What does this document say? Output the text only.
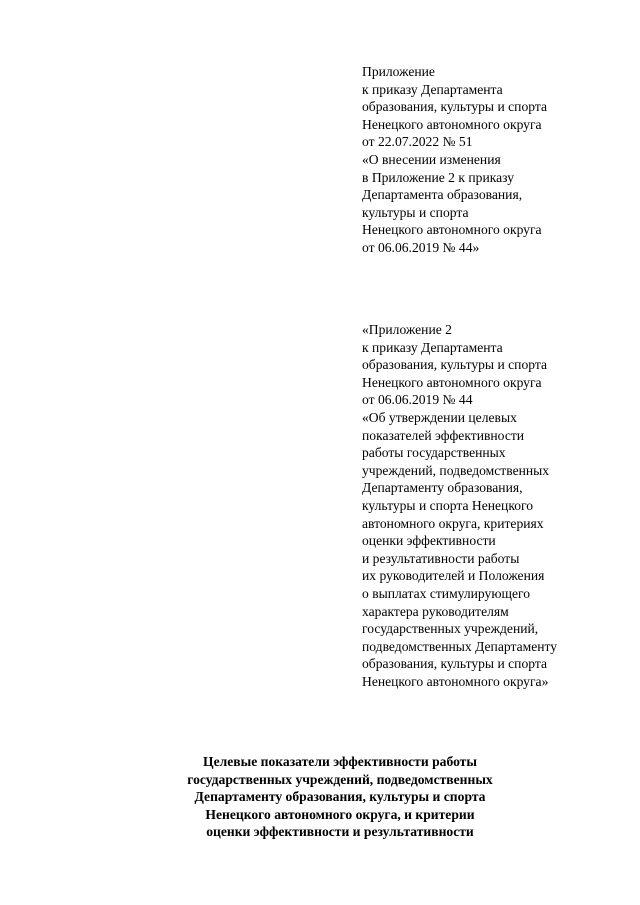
Приложение
к приказу Департамента
образования, культуры и спорта
Ненецкого автономного округа
от 22.07.2022 № 51
«О внесении изменения
в Приложение 2 к приказу
Департамента образования,
культуры и спорта
Ненецкого автономного округа
от 06.06.2019 № 44»
«Приложение 2
к приказу Департамента
образования, культуры и спорта
Ненецкого автономного округа
от 06.06.2019 № 44
«Об утверждении целевых
показателей эффективности
работы государственных
учреждений, подведомственных
Департаменту образования,
культуры и спорта Ненецкого
автономного округа, критериях
оценки эффективности
и результативности работы
их руководителей и Положения
о выплатах стимулирующего
характера руководителям
государственных учреждений,
подведомственных Департаменту
образования, культуры и спорта
Ненецкого автономного округа»
Целевые показатели эффективности работы
государственных учреждений, подведомственных
Департаменту образования, культуры и спорта
Ненецкого автономного округа, и критерии
оценки эффективности и результативности
